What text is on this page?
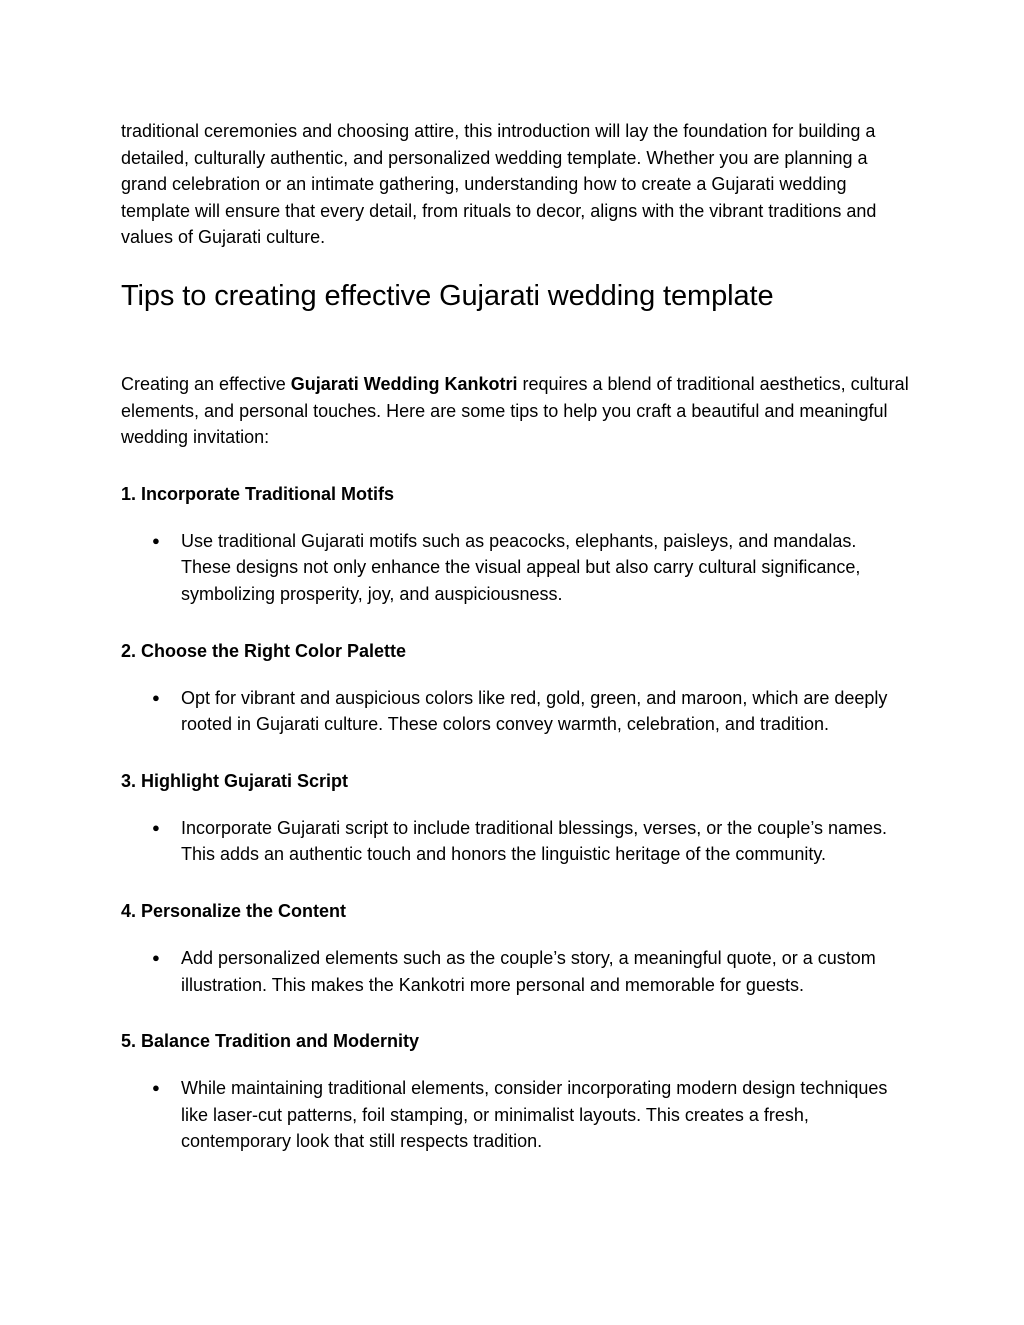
traditional ceremonies and choosing attire, this introduction will lay the foundation for building a detailed, culturally authentic, and personalized wedding template. Whether you are planning a grand celebration or an intimate gathering, understanding how to create a Gujarati wedding template will ensure that every detail, from rituals to decor, aligns with the vibrant traditions and values of Gujarati culture.

Tips to creating effective Gujarati wedding template

Creating an effective Gujarati Wedding Kankotri requires a blend of traditional aesthetics, cultural elements, and personal touches. Here are some tips to help you craft a beautiful and meaningful wedding invitation:

1. Incorporate Traditional Motifs

●	Use traditional Gujarati motifs such as peacocks, elephants, paisleys, and mandalas. These designs not only enhance the visual appeal but also carry cultural significance, symbolizing prosperity, joy, and auspiciousness.

2. Choose the Right Color Palette

●	Opt for vibrant and auspicious colors like red, gold, green, and maroon, which are deeply rooted in Gujarati culture. These colors convey warmth, celebration, and tradition.

3. Highlight Gujarati Script

●	Incorporate Gujarati script to include traditional blessings, verses, or the couple’s names. This adds an authentic touch and honors the linguistic heritage of the community.

4. Personalize the Content

●	Add personalized elements such as the couple’s story, a meaningful quote, or a custom illustration. This makes the Kankotri more personal and memorable for guests.

5. Balance Tradition and Modernity

●	While maintaining traditional elements, consider incorporating modern design techniques like laser-cut patterns, foil stamping, or minimalist layouts. This creates a fresh, contemporary look that still respects tradition.
